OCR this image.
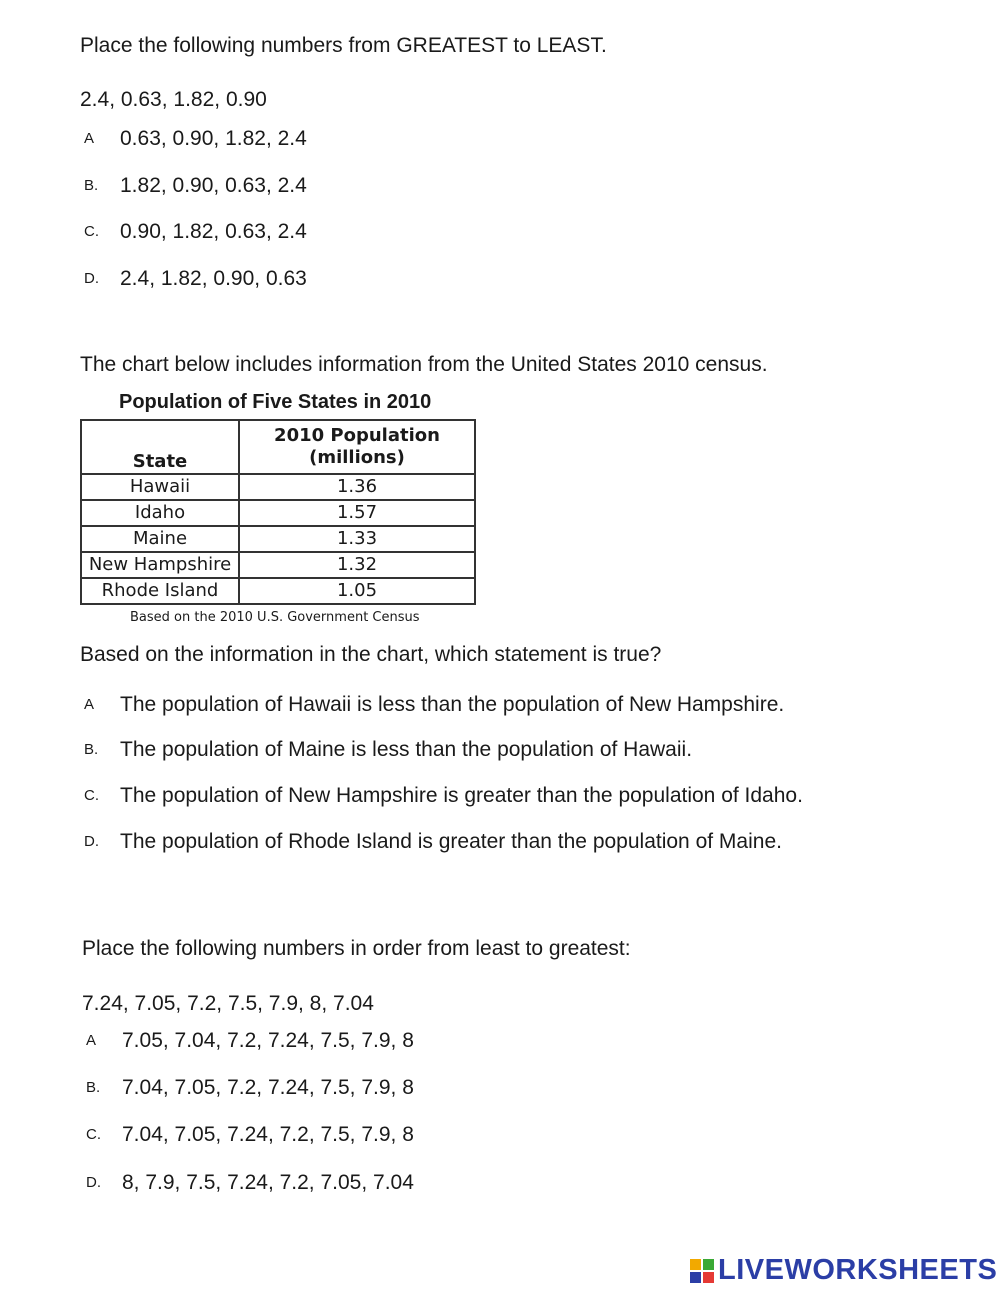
Place the following numbers from GREATEST to LEAST.
2.4, 0.63, 1.82, 0.90
A 0.63, 0.90, 1.82, 2.4
B. 1.82, 0.90, 0.63, 2.4
C. 0.90, 1.82, 0.63, 2.4
D. 2.4, 1.82, 0.90, 0.63
The chart below includes information from the United States 2010 census.
Population of Five States in 2010
State	2010 Population
(millions)

Hawaii	1.36
Idaho	1.57
Maine	1.33
New Hampshire	1.32
Rhode Island	1.05
Based on the 2010 U.S. Government Census
Based on the information in the chart, which statement is true?
A The population of Hawaii is less than the population of New Hampshire.
B. The population of Maine is less than the population of Hawaii.
C. The population of New Hampshire is greater than the population of Idaho.
D. The population of Rhode Island is greater than the population of Maine.
Place the following numbers in order from least to greatest:
7.24, 7.05, 7.2, 7.5, 7.9, 8, 7.04
A 7.05, 7.04, 7.2, 7.24, 7.5, 7.9, 8
B. 7.04, 7.05, 7.2, 7.24, 7.5, 7.9, 8
C. 7.04, 7.05, 7.24, 7.2, 7.5, 7.9, 8
D. 8, 7.9, 7.5, 7.24, 7.2, 7.05, 7.04
LIVEWORKSHEETS
